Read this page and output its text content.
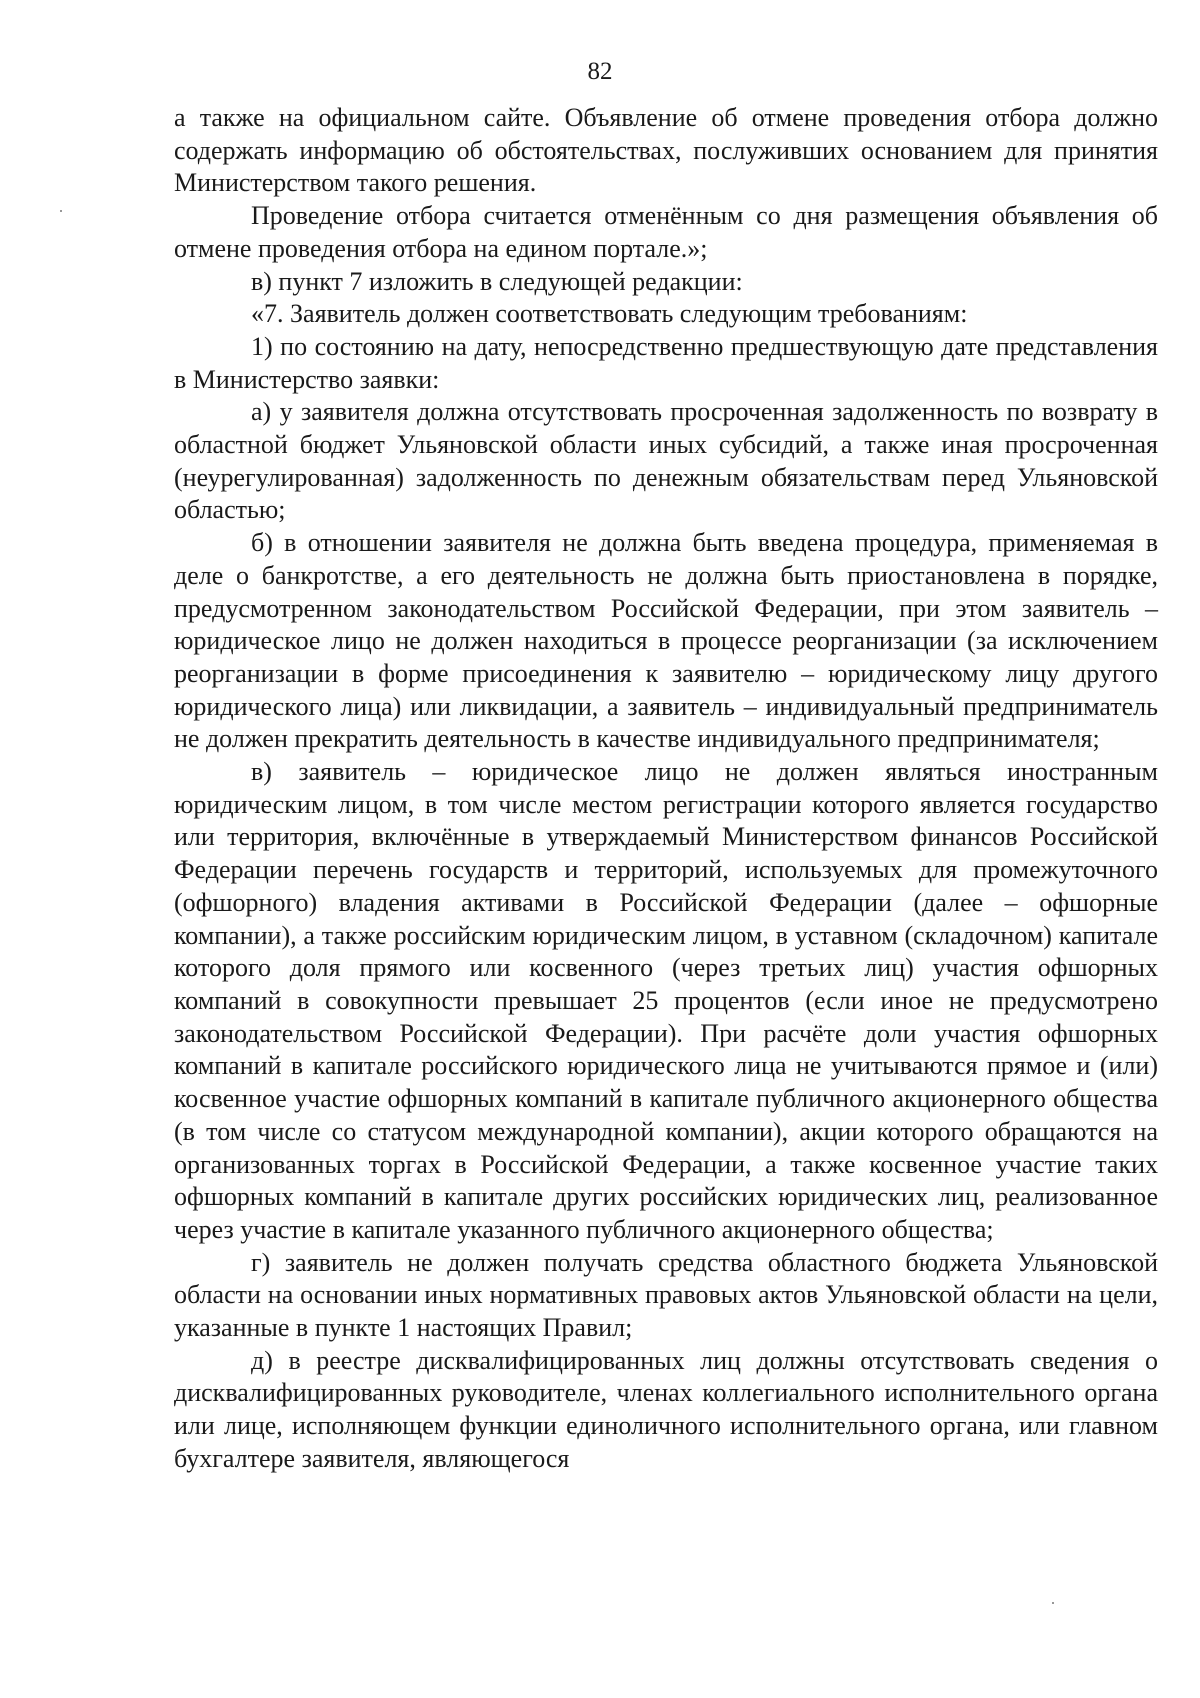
82

а также на официальном сайте. Объявление об отмене проведения отбора должно содержать информацию об обстоятельствах, послуживших основанием для принятия Министерством такого решения.

Проведение отбора считается отменённым со дня размещения объявления об отмене проведения отбора на едином портале.»;

в) пункт 7 изложить в следующей редакции:

«7. Заявитель должен соответствовать следующим требованиям:

1) по состоянию на дату, непосредственно предшествующую дате представления в Министерство заявки:

а) у заявителя должна отсутствовать просроченная задолженность по возврату в областной бюджет Ульяновской области иных субсидий, а также иная просроченная (неурегулированная) задолженность по денежным обязательствам перед Ульяновской областью;

б) в отношении заявителя не должна быть введена процедура, применяемая в деле о банкротстве, а его деятельность не должна быть приостановлена в порядке, предусмотренном законодательством Российской Федерации, при этом заявитель – юридическое лицо не должен находиться в процессе реорганизации (за исключением реорганизации в форме присоединения к заявителю – юридическому лицу другого юридического лица) или ликвидации, а заявитель – индивидуальный предприниматель не должен прекратить деятельность в качестве индивидуального предпринимателя;

в) заявитель – юридическое лицо не должен являться иностранным юридическим лицом, в том числе местом регистрации которого является государство или территория, включённые в утверждаемый Министерством финансов Российской Федерации перечень государств и территорий, используемых для промежуточного (офшорного) владения активами в Российской Федерации (далее – офшорные компании), а также российским юридическим лицом, в уставном (складочном) капитале которого доля прямого или косвенного (через третьих лиц) участия офшорных компаний в совокупности превышает 25 процентов (если иное не предусмотрено законодательством Российской Федерации). При расчёте доли участия офшорных компаний в капитале российского юридического лица не учитываются прямое и (или) косвенное участие офшорных компаний в капитале публичного акционерного общества (в том числе со статусом международной компании), акции которого обращаются на организованных торгах в Российской Федерации, а также косвенное участие таких офшорных компаний в капитале других российских юридических лиц, реализованное через участие в капитале указанного публичного акционерного общества;

г) заявитель не должен получать средства областного бюджета Ульяновской области на основании иных нормативных правовых актов Ульяновской области на цели, указанные в пункте 1 настоящих Правил;

д) в реестре дисквалифицированных лиц должны отсутствовать сведения о дисквалифицированных руководителе, членах коллегиального исполнительного органа или лице, исполняющем функции единоличного исполнительного органа, или главном бухгалтере заявителя, являющегося
